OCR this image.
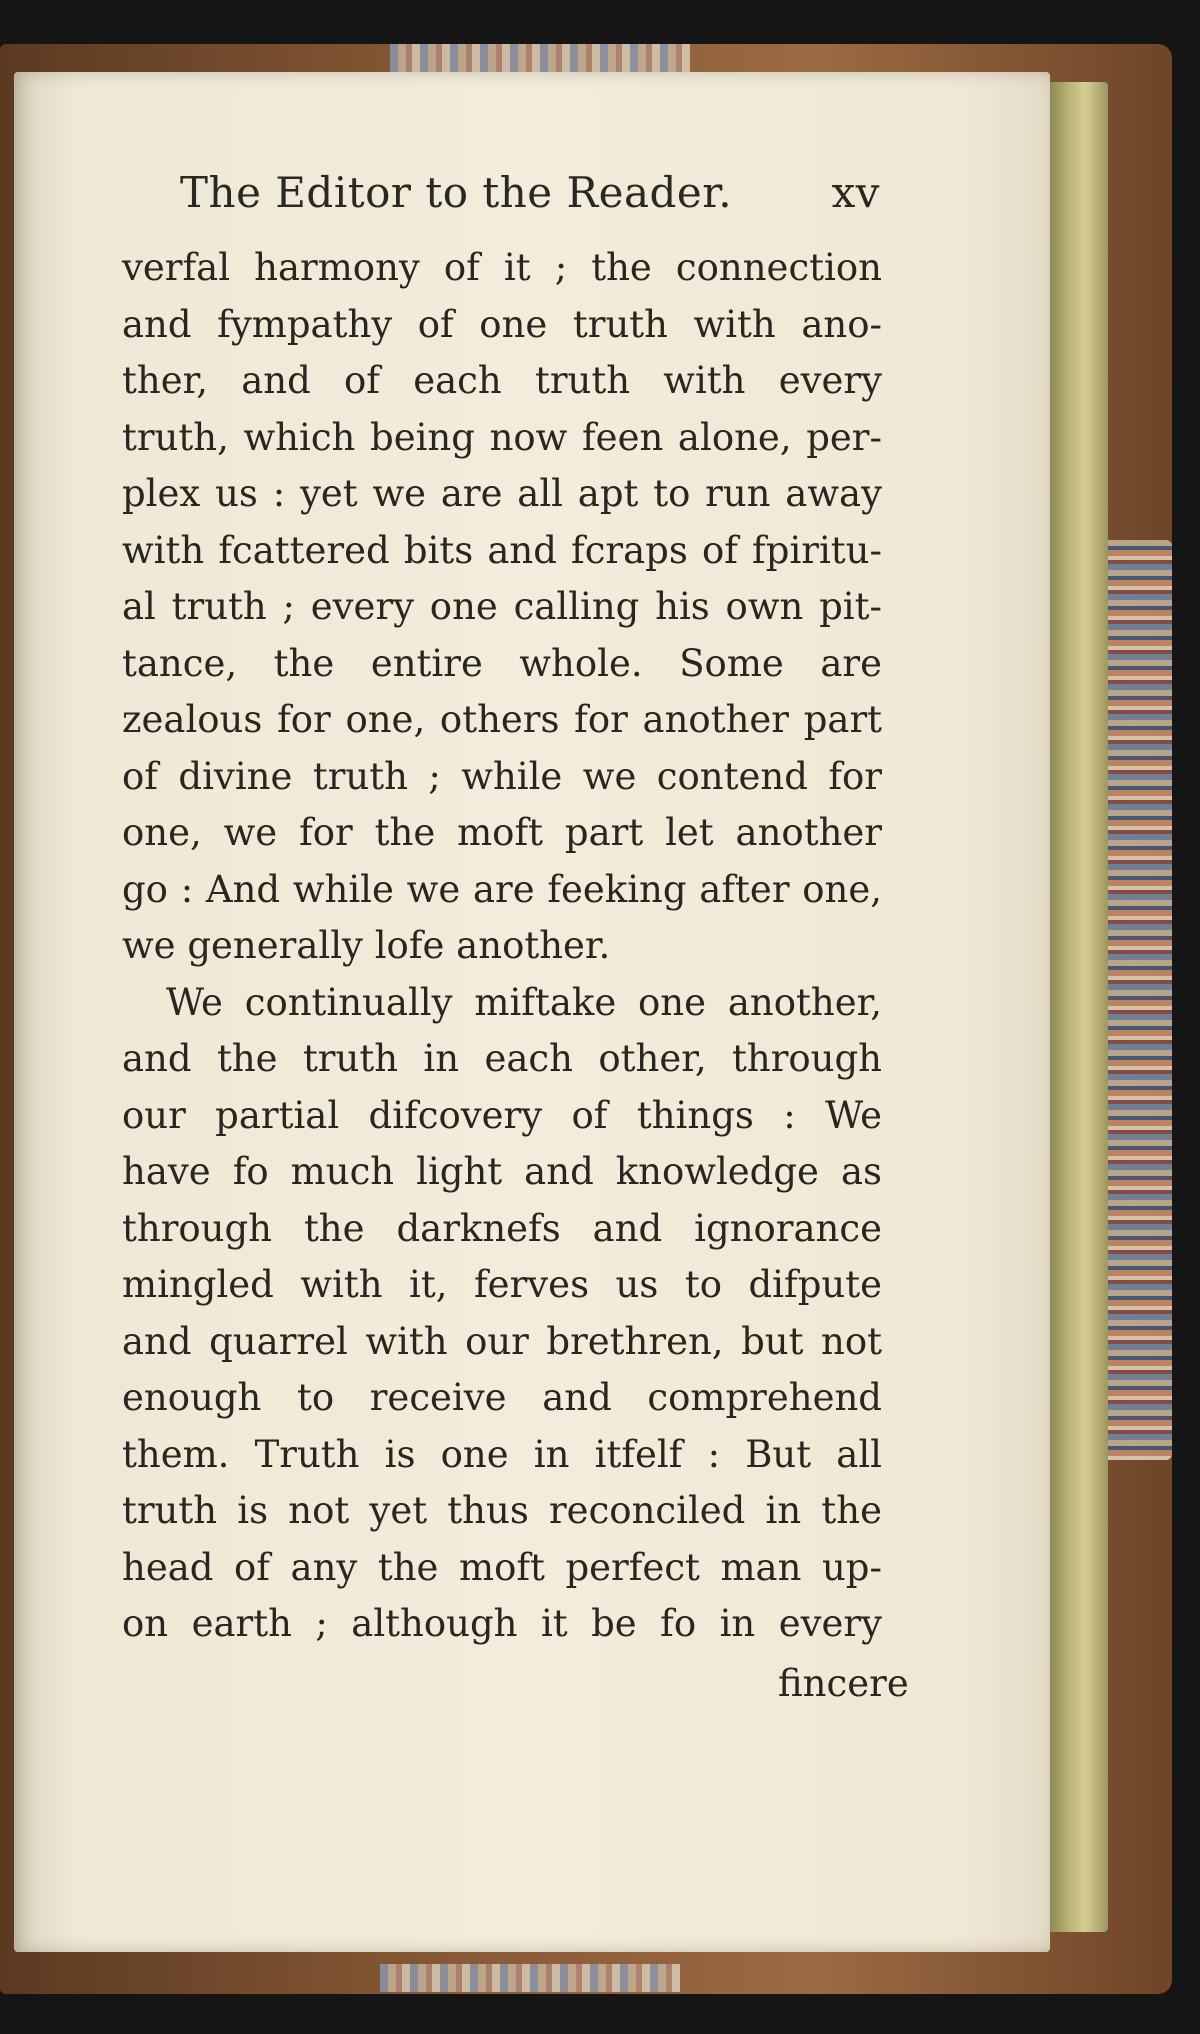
The Editor to the Reader. xv
verfal harmony of it ; the connection
and fympathy of one truth with ano-
ther, and of each truth with every
truth, which being now feen alone, per-
plex us : yet we are all apt to run away
with fcattered bits and fcraps of fpiritu-
al truth ; every one calling his own pit-
tance, the entire whole. Some are
zealous for one, others for another part
of divine truth ; while we contend for
one, we for the moft part let another
go : And while we are feeking after one,
we generally lofe another.
We continually miftake one another,
and the truth in each other, through
our partial difcovery of things : We
have fo much light and knowledge as
through the darknefs and ignorance
mingled with it, ferves us to difpute
and quarrel with our brethren, but not
enough to receive and comprehend
them. Truth is one in itfelf : But all
truth is not yet thus reconciled in the
head of any the moft perfect man up-
on earth ; although it be fo in every
fincere
